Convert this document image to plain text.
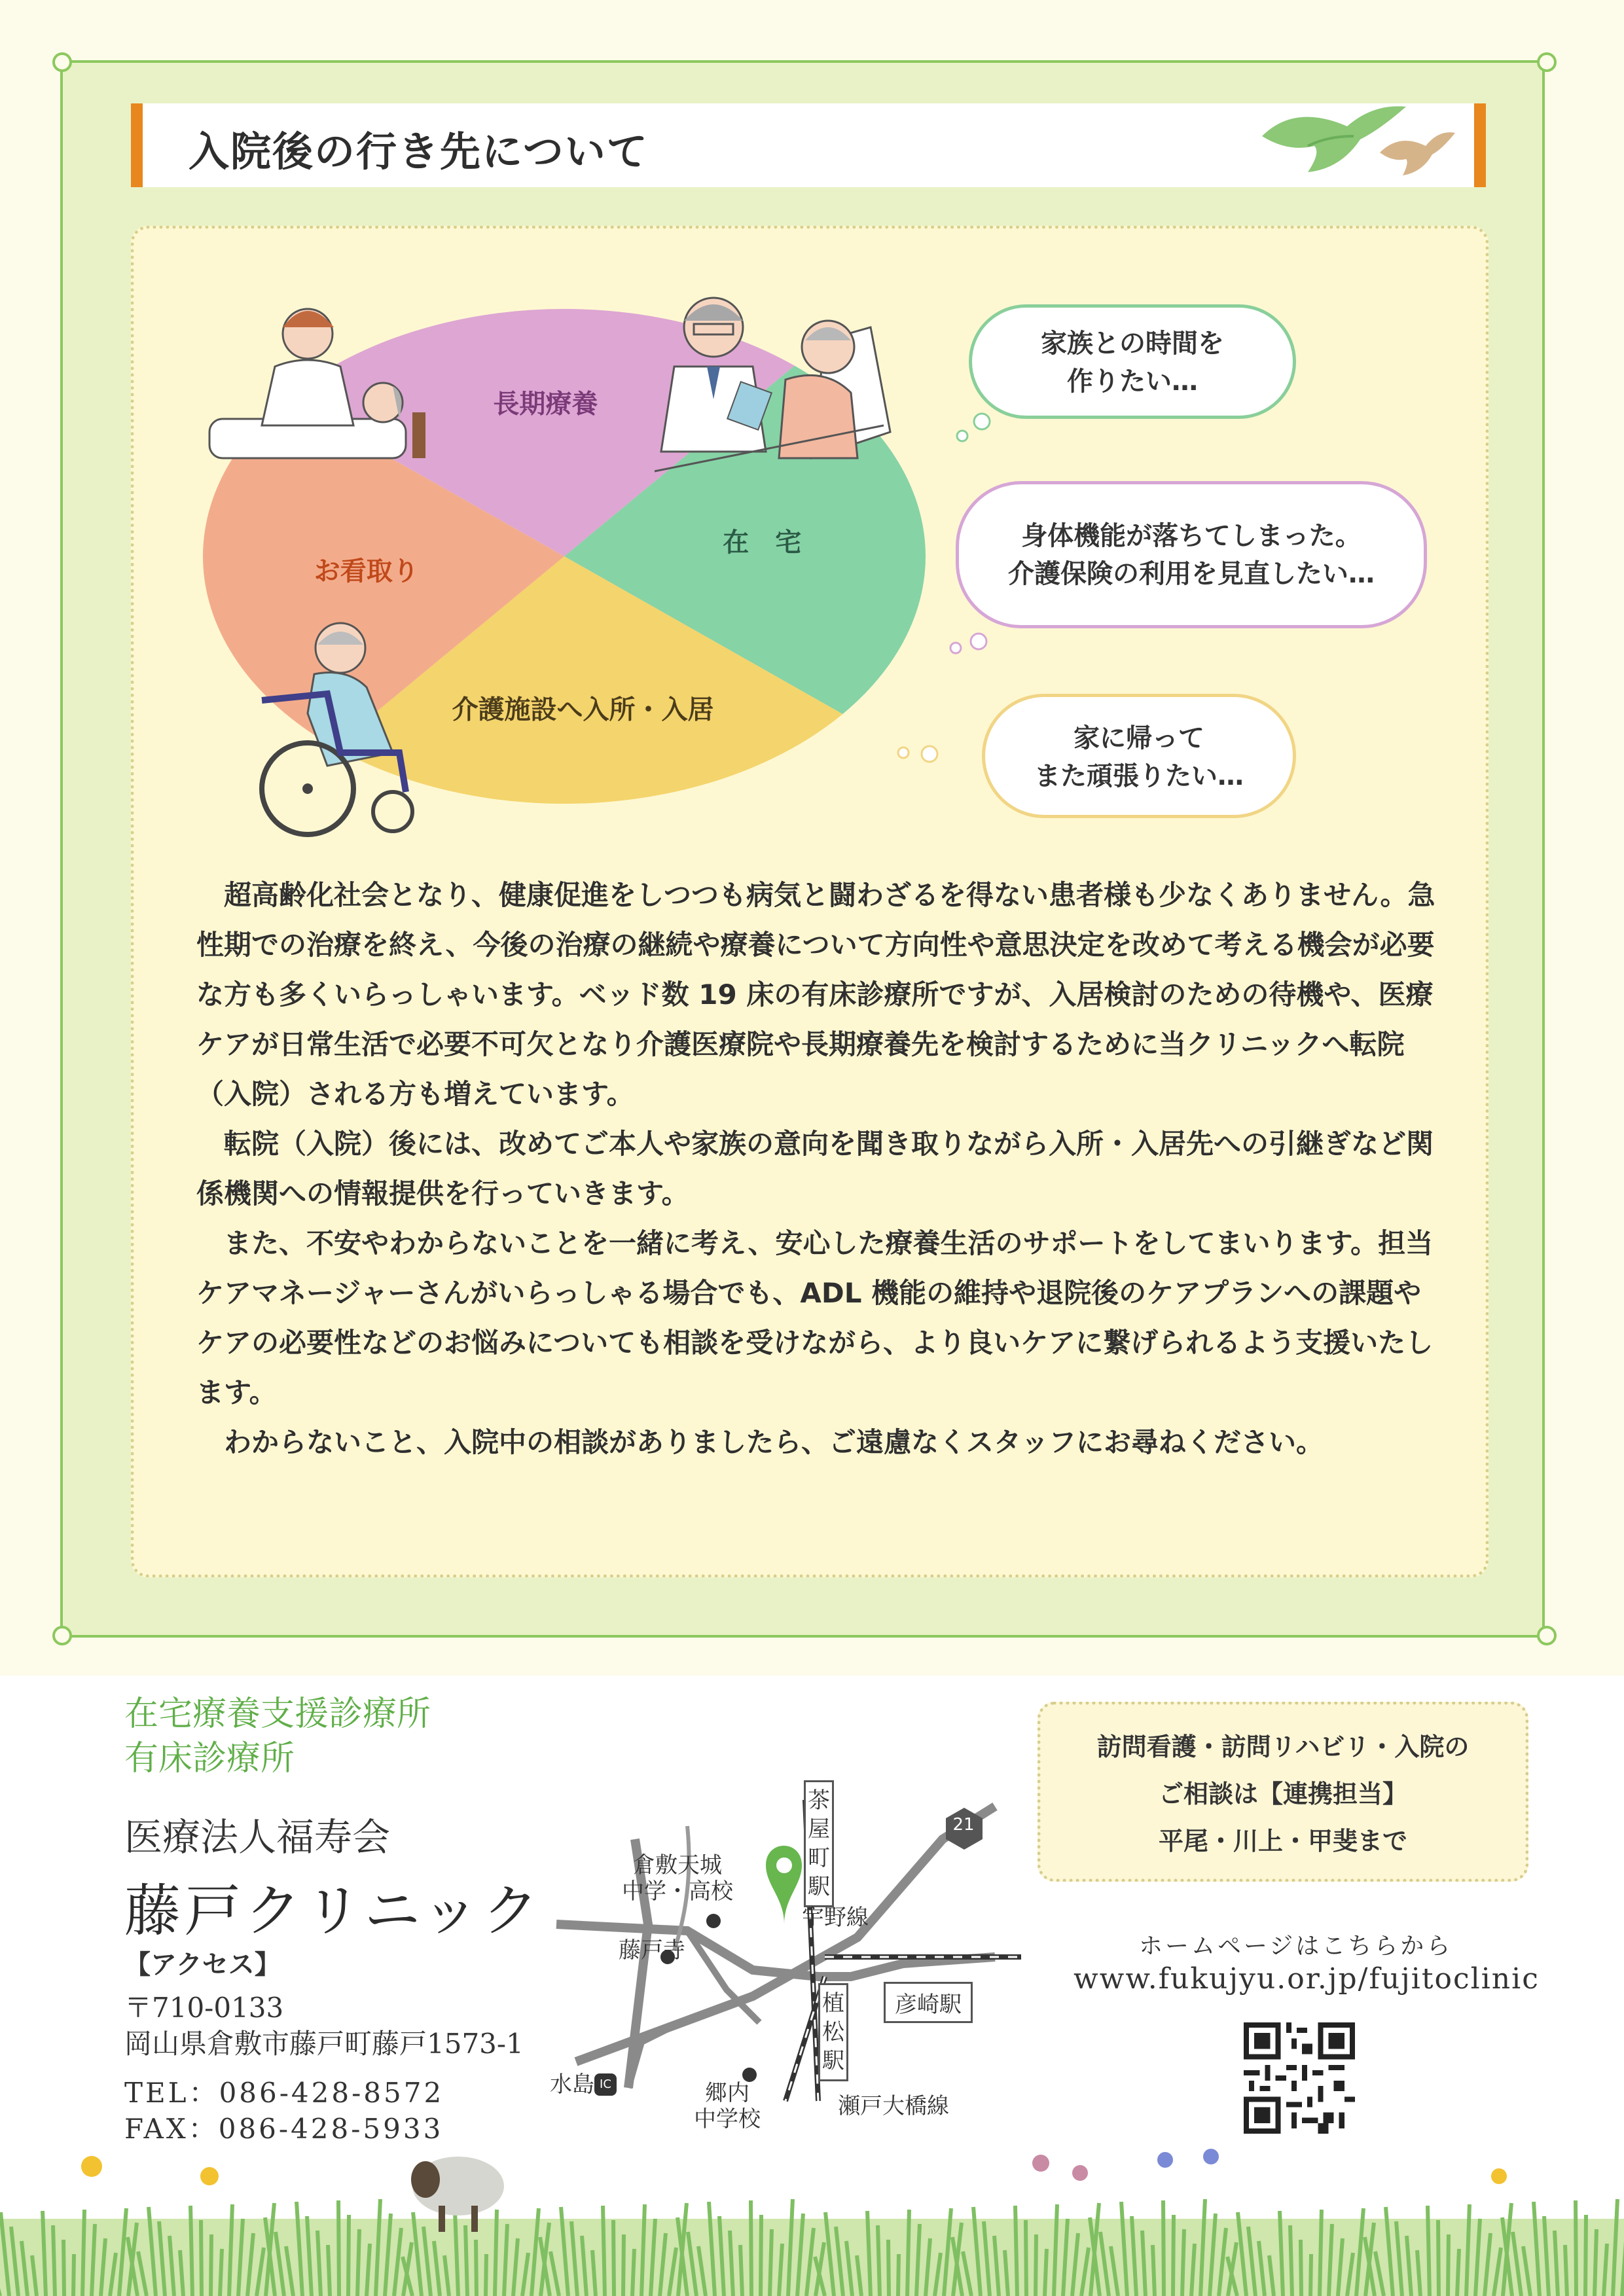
入院後の行き先について
長期療養
在　宅
介護施設へ入所・入居
お看取り
家族との時間を
作りたい…
身体機能が落ちてしまった。
介護保険の利用を見直したい…
家に帰って
また頑張りたい…

超高齢化社会となり、健康促進をしつつも病気と闘わざるを得ない患者様も少なくありません。急性期での治療を終え、今後の治療の継続や療養について方向性や意思決定を改めて考える機会が必要な方も多くいらっしゃいます。ベッド数 19 床の有床診療所ですが、入居検討のための待機や、医療ケアが日常生活で必要不可欠となり介護医療院や長期療養先を検討するために当クリニックへ転院（入院）される方も増えています。

転院（入院）後には、改めてご本人や家族の意向を聞き取りながら入所・入居先への引継ぎなど関係機関への情報提供を行っていきます。

また、不安やわからないことを一緒に考え、安心した療養生活のサポートをしてまいります。担当ケアマネージャーさんがいらっしゃる場合でも、ADL 機能の維持や退院後のケアプランへの課題やケアの必要性などのお悩みについても相談を受けながら、より良いケアに繋げられるよう支援いたします。

わからないこと、入院中の相談がありましたら、ご遠慮なくスタッフにお尋ねください。

在宅療養支援診療所
有床診療所
医療法人福寿会
藤戸クリニック
【アクセス】
〒710-0133
岡山県倉敷市藤戸町藤戸1573-1
TEL：086-428-8572
FAX：086-428-5933
倉敷天城
中学・高校
藤戸寺
水島 IC	郷内
中学校
茶屋町駅
宇野線
21
彦崎駅
植松駅
瀬戸大橋線
訪問看護・訪問リハビリ・入院の
ご相談は【連携担当】
平尾・川上・甲斐まで
ホームページはこちらから
www.fukujyu.or.jp/fujitoclinic
